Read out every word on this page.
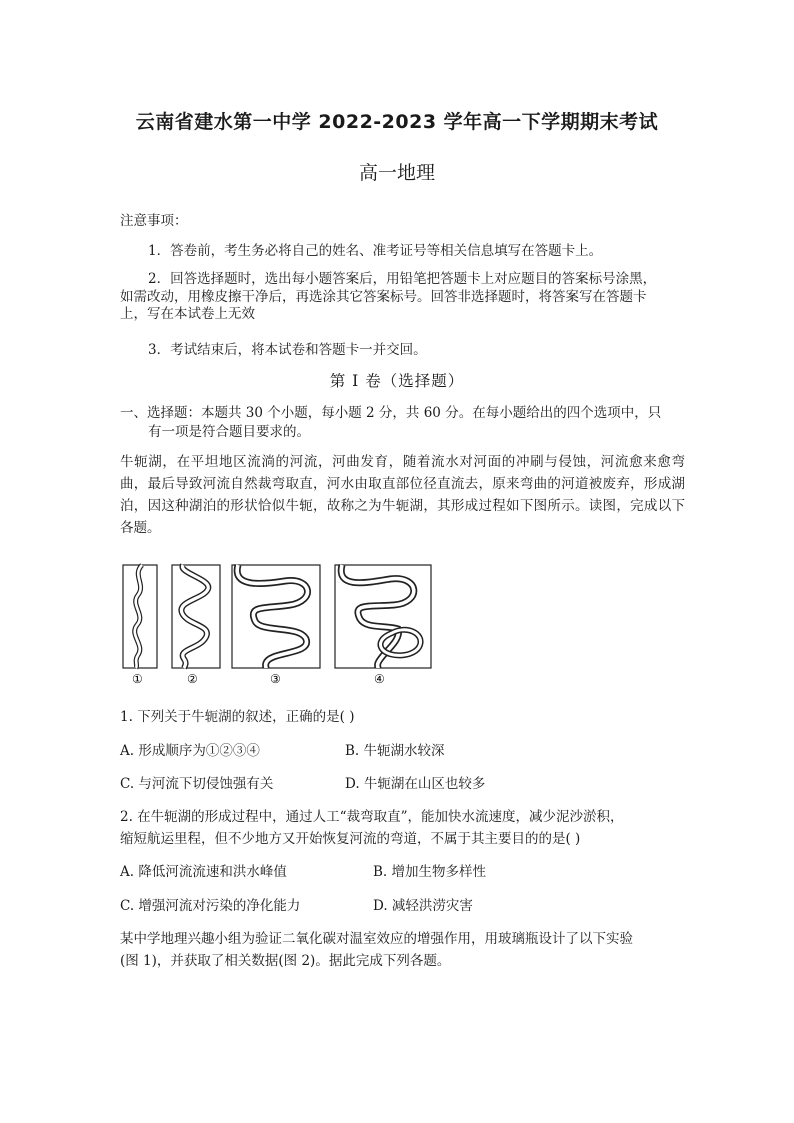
云南省建水第一中学 2022-2023 学年高一下学期期末考试
高一地理
注意事项：
1．答卷前，考生务必将自己的姓名、准考证号等相关信息填写在答题卡上。
2．回答选择题时，选出每小题答案后，用铅笔把答题卡上对应题目的答案标号涂黑，
如需改动，用橡皮擦干净后，再选涂其它答案标号。回答非选择题时，将答案写在答题卡
上，写在本试卷上无效
3．考试结束后，将本试卷和答题卡一并交回。
第 Ⅰ 卷（选择题）
一、选择题：本题共 30 个小题，每小题 2 分，共 60 分。在每小题给出的四个选项中，只
有一项是符合题目要求的。
牛轭湖，在平坦地区流淌的河流，河曲发育，随着流水对河面的冲刷与侵蚀，河流愈来愈弯曲，最后导致河流自然裁弯取直，河水由取直部位径直流去，原来弯曲的河道被废弃，形成湖泊，因这种湖泊的形状恰似牛轭，故称之为牛轭湖，其形成过程如下图所示。读图，完成以下各题。
①	②	③	④
1. 下列关于牛轭湖的叙述，正确的是( )
A. 形成顺序为①②③④	B. 牛轭湖水较深
C. 与河流下切侵蚀强有关	D. 牛轭湖在山区也较多
2. 在牛轭湖的形成过程中，通过人工“裁弯取直”，能加快水流速度，减少泥沙淤积，
缩短航运里程，但不少地方又开始恢复河流的弯道，不属于其主要目的的是( )
A. 降低河流流速和洪水峰值	B. 增加生物多样性
C. 增强河流对污染的净化能力	D. 减轻洪涝灾害
某中学地理兴趣小组为验证二氧化碳对温室效应的增强作用，用玻璃瓶设计了以下实验
(图 1)，并获取了相关数据(图 2)。据此完成下列各题。
